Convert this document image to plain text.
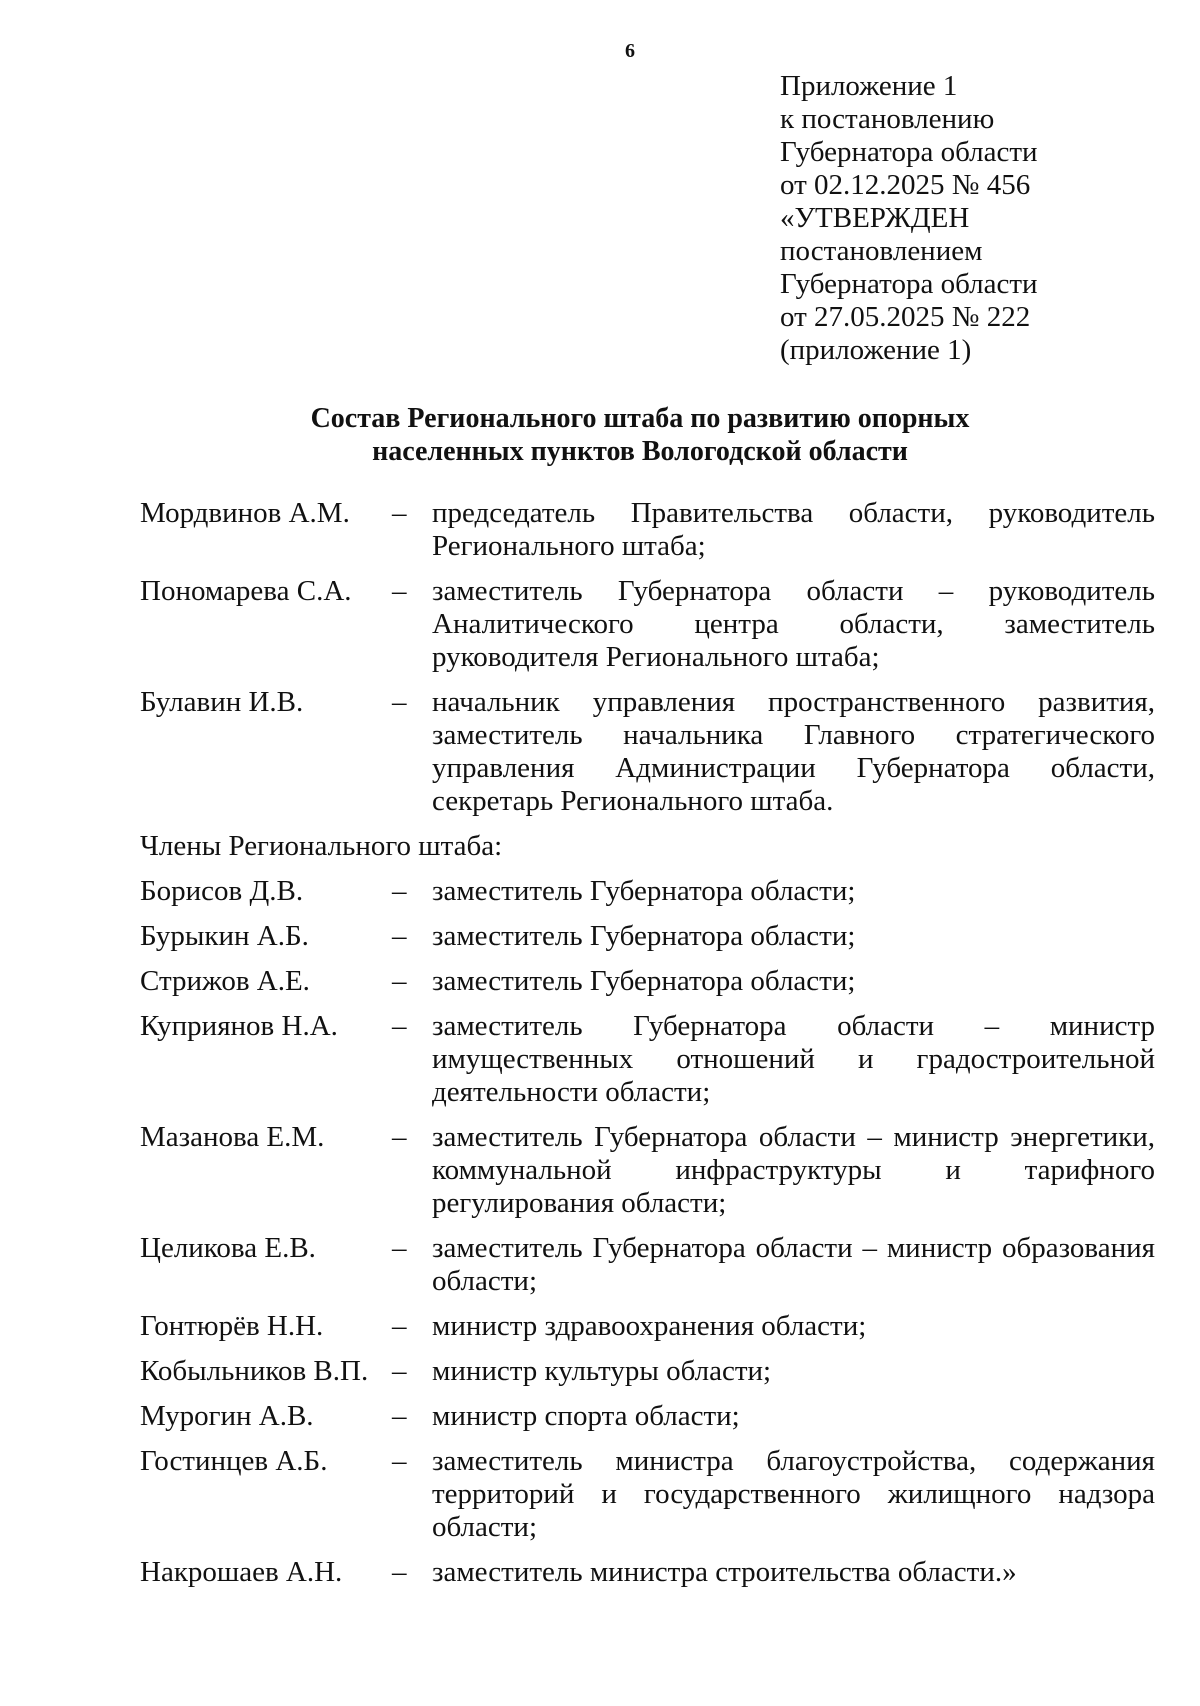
6
Приложение 1
к постановлению
Губернатора области
от 02.12.2025 № 456
«УТВЕРЖДЕН
постановлением
Губернатора области
от 27.05.2025 № 222
(приложение 1)
Состав Регионального штаба по развитию опорных
населенных пунктов Вологодской области
Мордвинов А.М.	– председатель Правительства области, руководитель Регионального штаба;
Пономарева С.А.	– заместитель Губернатора области – руководитель Аналитического центра области, заместитель руководителя Регионального штаба;
Булавин И.В.	– начальник управления пространственного развития, заместитель начальника Главного стратегического управления Администрации Губернатора области, секретарь Регионального штаба.
Члены Регионального штаба:
Борисов Д.В.	– заместитель Губернатора области;
Бурыкин А.Б.	– заместитель Губернатора области;
Стрижов А.Е.	– заместитель Губернатора области;
Куприянов Н.А.	– заместитель Губернатора области – министр имущественных отношений и градостроительной деятельности области;
Мазанова Е.М.	– заместитель Губернатора области – министр энергетики, коммунальной инфраструктуры и тарифного регулирования области;
Целикова Е.В.	– заместитель Губернатора области – министр образования области;
Гонтюрёв Н.Н.	– министр здравоохранения области;
Кобыльников В.П. – министр культуры области;
Мурогин А.В.	– министр спорта области;
Гостинцев А.Б.	– заместитель министра благоустройства, содержания территорий и государственного жилищного надзора области;
Накрошаев А.Н.	– заместитель министра строительства области.»
